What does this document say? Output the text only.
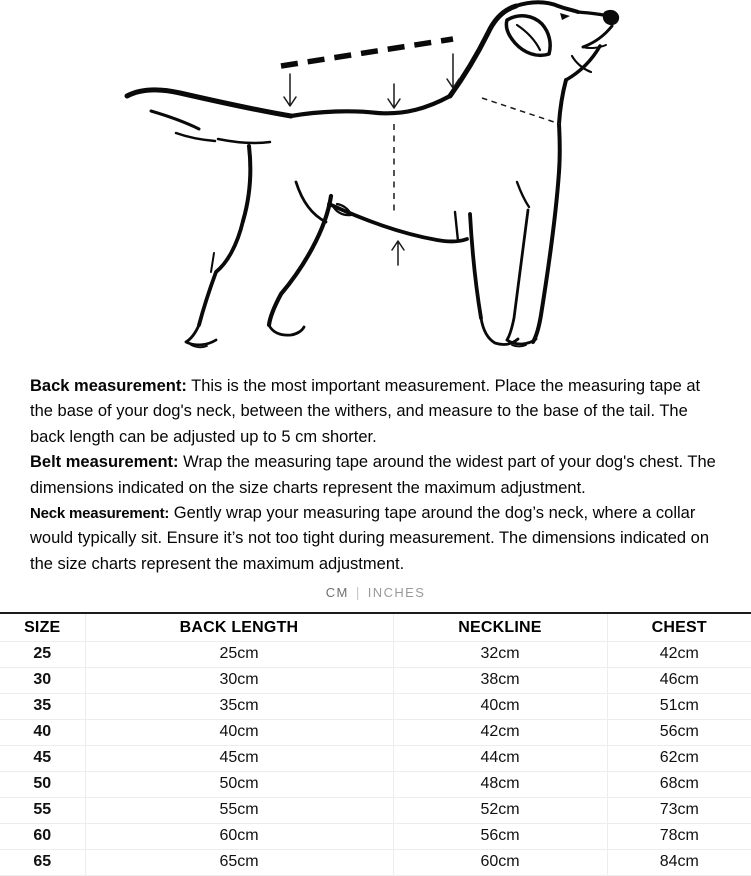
Back measurement: This is the most important measurement. Place the measuring tape at the base of your dog's neck, between the withers, and measure to the base of the tail. The back length can be adjusted up to 5 cm shorter.

Belt measurement: Wrap the measuring tape around the widest part of your dog's chest. The dimensions indicated on the size charts represent the maximum adjustment.

Neck measurement: Gently wrap your measuring tape around the dog’s neck, where a collar would typically sit. Ensure it’s not too tight during measurement. The dimensions indicated on the size charts represent the maximum adjustment.

CM | INCHES
SIZE	BACK LENGTH	NECKLINE	CHEST
25	25cm	32cm	42cm
30	30cm	38cm	46cm
35	35cm	40cm	51cm
40	40cm	42cm	56cm
45	45cm	44cm	62cm
50	50cm	48cm	68cm
55	55cm	52cm	73cm
60	60cm	56cm	78cm
65	65cm	60cm	84cm
